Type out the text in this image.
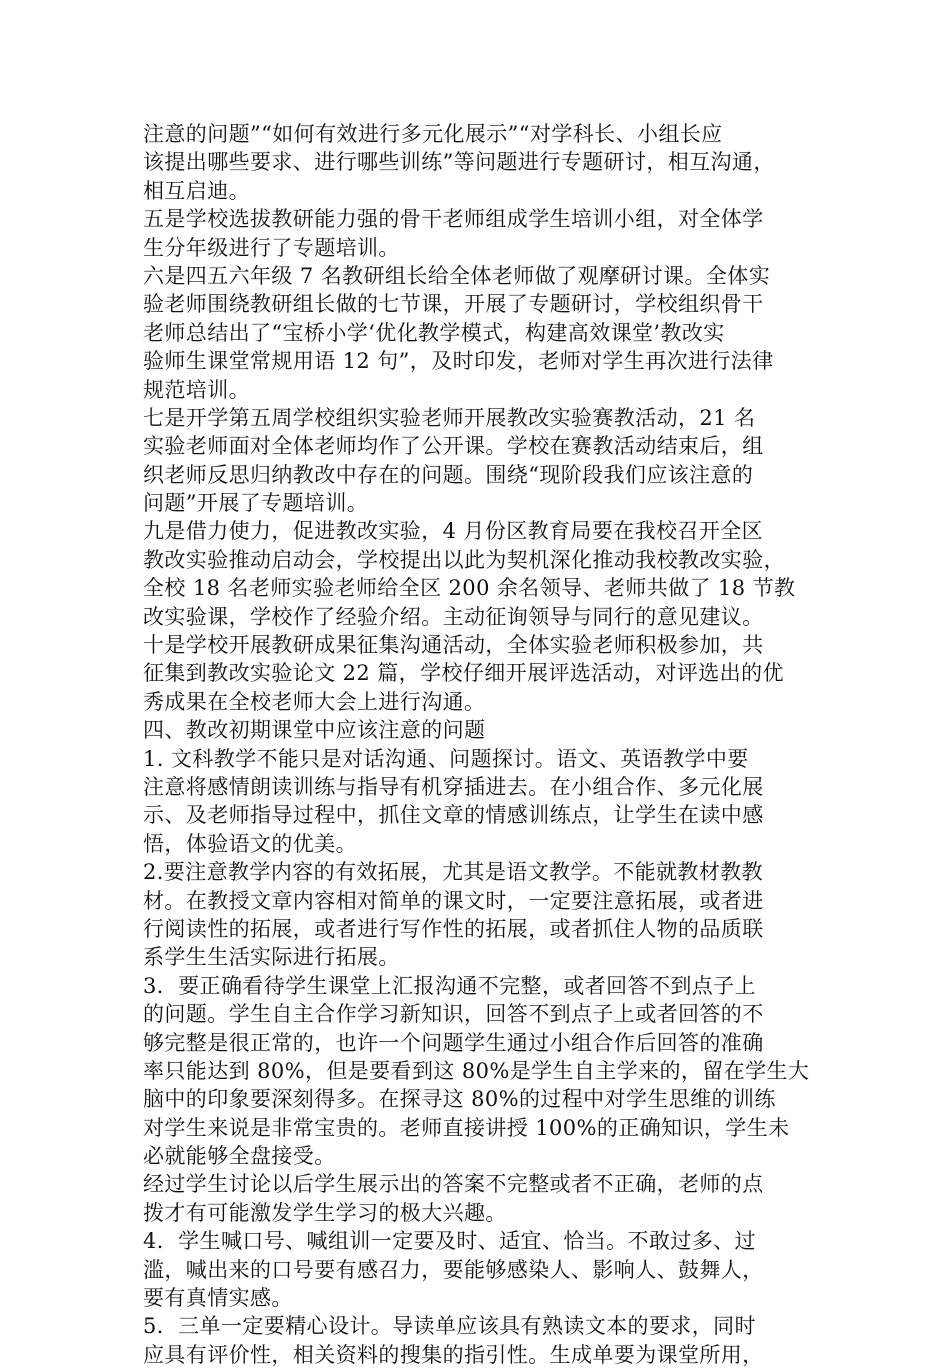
注意的问题”“如何有效进行多元化展示”“对学科长、小组长应
该提出哪些要求、进行哪些训练”等问题进行专题研讨，相互沟通，
相互启迪。
五是学校选拔教研能力强的骨干老师组成学生培训小组，对全体学
生分年级进行了专题培训。
六是四五六年级 7 名教研组长给全体老师做了观摩研讨课。全体实
验老师围绕教研组长做的七节课，开展了专题研讨，学校组织骨干
老师总结出了“宝桥小学‘优化教学模式，构建高效课堂’教改实
验师生课堂常规用语 12 句”，及时印发，老师对学生再次进行法律
规范培训。
七是开学第五周学校组织实验老师开展教改实验赛教活动，21 名
实验老师面对全体老师均作了公开课。学校在赛教活动结束后，组
织老师反思归纳教改中存在的问题。围绕“现阶段我们应该注意的
问题”开展了专题培训。
九是借力使力，促进教改实验，4 月份区教育局要在我校召开全区
教改实验推动启动会，学校提出以此为契机深化推动我校教改实验，
全校 18 名老师实验老师给全区 200 余名领导、老师共做了 18 节教
改实验课，学校作了经验介绍。主动征询领导与同行的意见建议。
十是学校开展教研成果征集沟通活动，全体实验老师积极参加，共
征集到教改实验论文 22 篇，学校仔细开展评选活动，对评选出的优
秀成果在全校老师大会上进行沟通。
四、教改初期课堂中应该注意的问题
1. 文科教学不能只是对话沟通、问题探讨。语文、英语教学中要
注意将感情朗读训练与指导有机穿插进去。在小组合作、多元化展
示、及老师指导过程中，抓住文章的情感训练点，让学生在读中感
悟，体验语文的优美。
2.要注意教学内容的有效拓展，尤其是语文教学。不能就教材教教
材。在教授文章内容相对简单的课文时，一定要注意拓展，或者进
行阅读性的拓展，或者进行写作性的拓展，或者抓住人物的品质联
系学生生活实际进行拓展。
3．要正确看待学生课堂上汇报沟通不完整，或者回答不到点子上
的问题。学生自主合作学习新知识，回答不到点子上或者回答的不
够完整是很正常的，也许一个问题学生通过小组合作后回答的准确
率只能达到 80%，但是要看到这 80%是学生自主学来的，留在学生大
脑中的印象要深刻得多。在探寻这 80%的过程中对学生思维的训练
对学生来说是非常宝贵的。老师直接讲授 100%的正确知识，学生未
必就能够全盘接受。
经过学生讨论以后学生展示出的答案不完整或者不正确，老师的点
拨才有可能激发学生学习的极大兴趣。
4．学生喊口号、喊组训一定要及时、适宜、恰当。不敢过多、过
滥，喊出来的口号要有感召力，要能够感染人、影响人、鼓舞人，
要有真情实感。
5．三单一定要精心设计。导读单应该具有熟读文本的要求，同时
应具有评价性，相关资料的搜集的指引性。生成单要为课堂所用，
